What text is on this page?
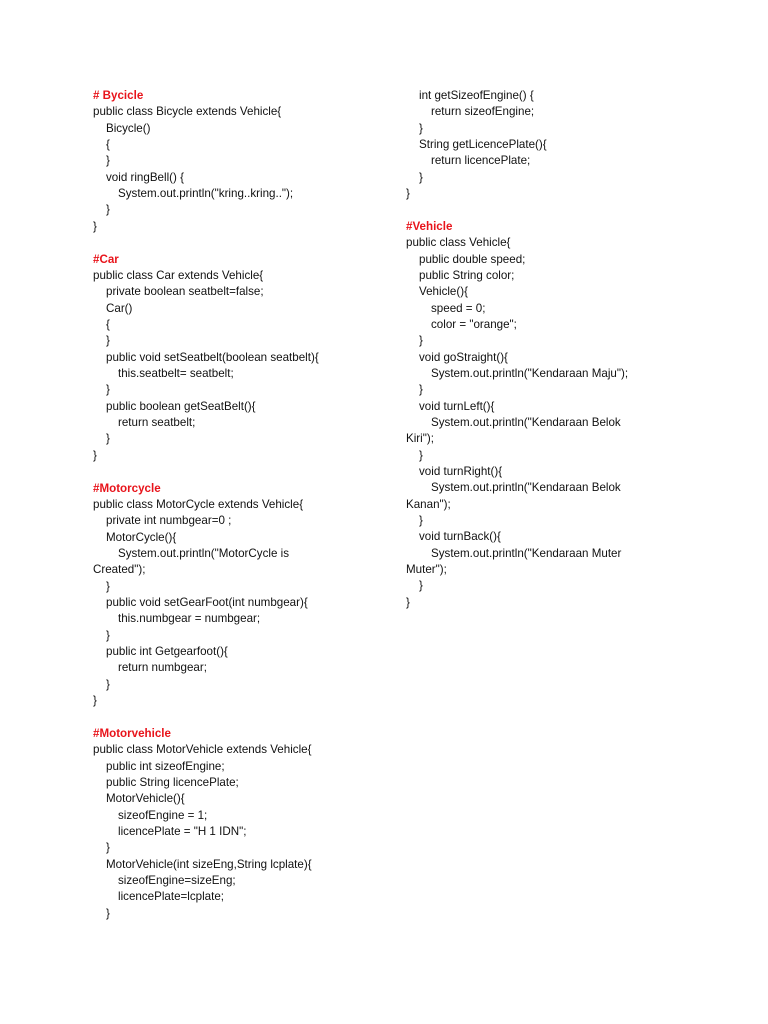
# Bycicle
public class Bicycle extends Vehicle{
Bicycle()
{
}
void ringBell() {
System.out.println("kring..kring..");
}
}
#Car
public class Car extends Vehicle{
private boolean seatbelt=false;
Car()
{
}
public void setSeatbelt(boolean seatbelt){
this.seatbelt= seatbelt;
}
public boolean getSeatBelt(){
return seatbelt;
}
}
#Motorcycle
public class MotorCycle extends Vehicle{
private int numbgear=0 ;
MotorCycle(){
System.out.println("MotorCycle is
Created");
}
public void setGearFoot(int numbgear){
this.numbgear = numbgear;
}
public int Getgearfoot(){
return numbgear;
}
}
#Motorvehicle
public class MotorVehicle extends Vehicle{
public int sizeofEngine;
public String licencePlate;
MotorVehicle(){
sizeofEngine = 1;
licencePlate = "H 1 IDN";
}
MotorVehicle(int sizeEng,String lcplate){
sizeofEngine=sizeEng;
licencePlate=lcplate;
}
int getSizeofEngine() {
return sizeofEngine;
}
String getLicencePlate(){
return licencePlate;
}
}
#Vehicle
public class Vehicle{
public double speed;
public String color;
Vehicle(){
speed = 0;
color = "orange";
}
void goStraight(){
System.out.println("Kendaraan Maju");
}
void turnLeft(){
System.out.println("Kendaraan Belok
Kiri");
}
void turnRight(){
System.out.println("Kendaraan Belok
Kanan");
}
void turnBack(){
System.out.println("Kendaraan Muter
Muter");
}
}
